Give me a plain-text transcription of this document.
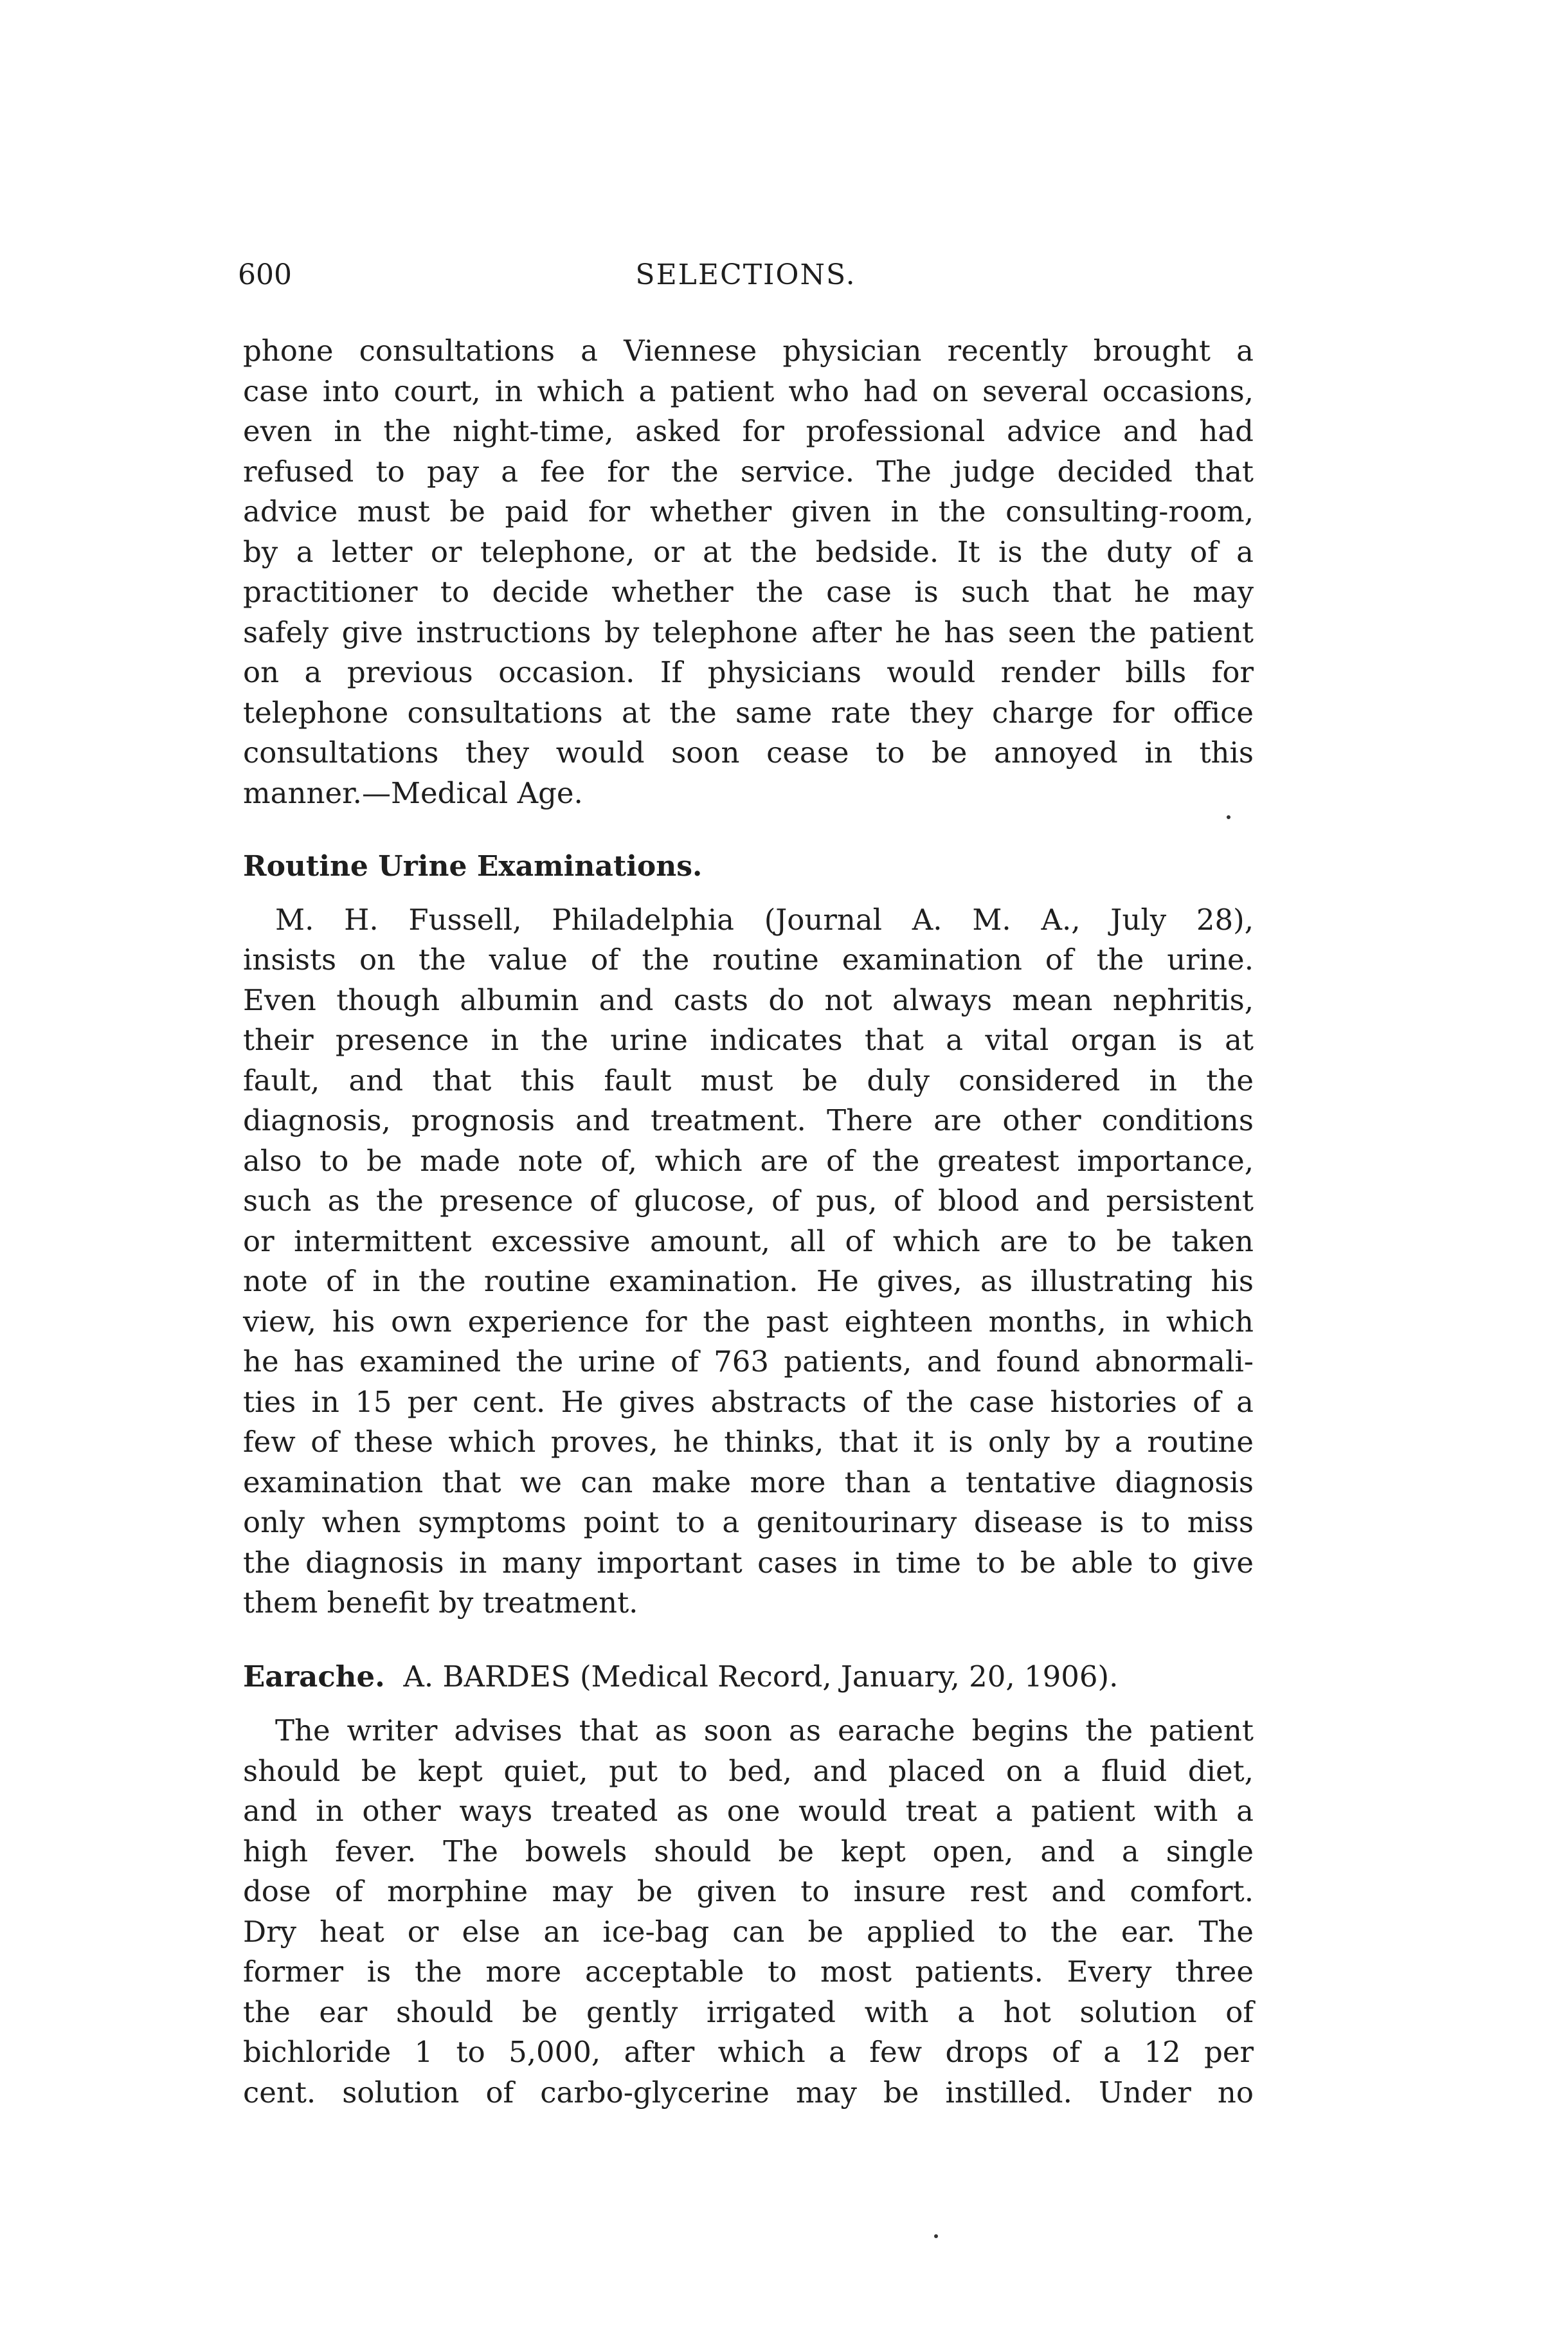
600	SELECTIONS.
phone consultations a Viennese physician recently brought a
case into court, in which a patient who had on several occasions,
even in the night-time, asked for professional advice and had
refused to pay a fee for the service. The judge decided that
advice must be paid for whether given in the consulting-room,
by a letter or telephone, or at the bedside. It is the duty of a
practitioner to decide whether the case is such that he may
safely give instructions by telephone after he has seen the patient
on a previous occasion. If physicians would render bills for
telephone consultations at the same rate they charge for office
consultations they would soon cease to be annoyed in this
manner.—Medical Age.
Routine Urine Examinations.
M. H. Fussell, Philadelphia (Journal A. M. A., July 28),
insists on the value of the routine examination of the urine.
Even though albumin and casts do not always mean nephritis,
their presence in the urine indicates that a vital organ is at
fault, and that this fault must be duly considered in the
diagnosis, prognosis and treatment. There are other conditions
also to be made note of, which are of the greatest importance,
such as the presence of glucose, of pus, of blood and persistent
or intermittent excessive amount, all of which are to be taken
note of in the routine examination. He gives, as illustrating his
view, his own experience for the past eighteen months, in which
he has examined the urine of 763 patients, and found abnormali-
ties in 15 per cent. He gives abstracts of the case histories of a
few of these which proves, he thinks, that it is only by a routine
examination that we can make more than a tentative diagnosis
only when symptoms point to a genitourinary disease is to miss
the diagnosis in many important cases in time to be able to give
them benefit by treatment.
Earache. A. BARDES (Medical Record, January, 20, 1906).
The writer advises that as soon as earache begins the patient
should be kept quiet, put to bed, and placed on a fluid diet,
and in other ways treated as one would treat a patient with a
high fever. The bowels should be kept open, and a single
dose of morphine may be given to insure rest and comfort.
Dry heat or else an ice-bag can be applied to the ear. The
former is the more acceptable to most patients. Every three
the ear should be gently irrigated with a hot solution of
bichloride 1 to 5,000, after which a few drops of a 12 per
cent. solution of carbo-glycerine may be instilled. Under no
